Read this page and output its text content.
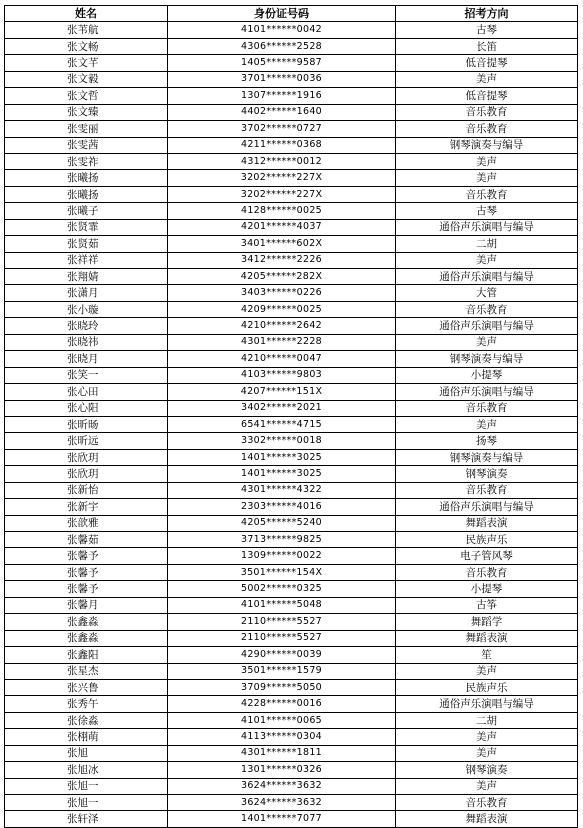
姓名	身份证号码	招考方向
张苇航	4101******0042	古琴
张文畅	4306******2528	长笛
张文芊	1405******9587	低音提琴
张文毅	3701******0036	美声
张文哲	1307******1916	低音提琴
张文臻	4402******1640	音乐教育
张雯丽	3702******0727	音乐教育
张雯茜	4211******0368	钢琴演奏与编导
张雯祚	4312******0012	美声
张曦扬	3202******227X	美声
张曦扬	3202******227X	音乐教育
张曦子	4128******0025	古琴
张贤霏	4201******4037	通俗声乐演唱与编导
张贤茹	3401******602X	二胡
张祥祥	3412******2226	美声
张翔婧	4205******282X	通俗声乐演唱与编导
张潇月	3403******0226	大管
张小璇	4209******0025	音乐教育
张晓玲	4210******2642	通俗声乐演唱与编导
张晓祎	4301******2228	美声
张晓月	4210******0047	钢琴演奏与编导
张笑一	4103******9803	小提琴
张心田	4207******151X	通俗声乐演唱与编导
张心阳	3402******2021	音乐教育
张昕旸	6541******4715	美声
张昕远	3302******0018	扬琴
张欣玥	1401******3025	钢琴演奏与编导
张欣玥	1401******3025	钢琴演奏
张新怡	4301******4322	音乐教育
张新宇	2303******4016	通俗声乐演唱与编导
张歆雅	4205******5240	舞蹈表演
张馨茹	3713******9825	民族声乐
张馨予	1309******0022	电子管风琴
张馨予	3501******154X	音乐教育
张馨予	5002******0325	小提琴
张馨月	4101******5048	古筝
张鑫淼	2110******5527	舞蹈学
张鑫淼	2110******5527	舞蹈表演
张鑫阳	4290******0039	笙
张星杰	3501******1579	美声
张兴鲁	3709******5050	民族声乐
张秀午	4228******0016	通俗声乐演唱与编导
张徐淼	4101******0065	二胡
张栩萌	4113******0304	美声
张旭	4301******1811	美声
张旭冰	1301******0326	钢琴演奏
张旭一	3624******3632	美声
张旭一	3624******3632	音乐教育
张轩泽	1401******7077	舞蹈表演
